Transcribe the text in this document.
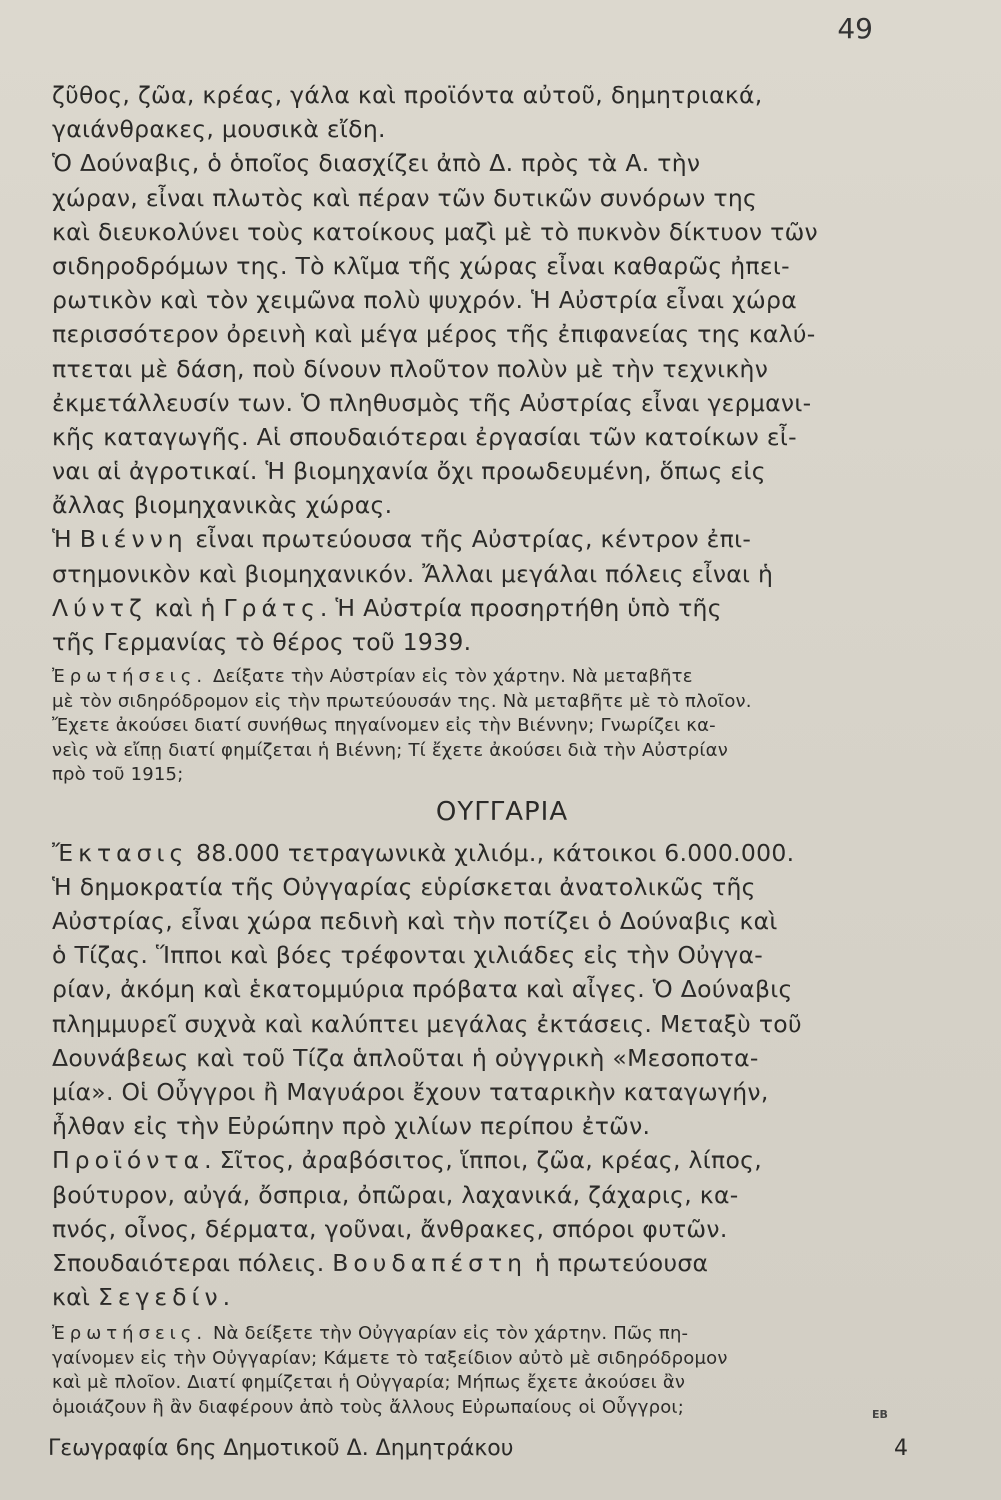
49
ζῦθος, ζῶα, κρέας, γάλα καὶ προϊόντα αὐτοῦ, δημητριακά,
γαιάνθρακες, μουσικὰ εἴδη.
Ὁ Δούναβις, ὁ ὁποῖος διασχίζει ἀπὸ Δ. πρὸς τὰ Α. τὴν
χώραν, εἶναι πλωτὸς καὶ πέραν τῶν δυτικῶν συνόρων της
καὶ διευκολύνει τοὺς κατοίκους μαζὶ μὲ τὸ πυκνὸν δίκτυον τῶν
σιδηροδρόμων της. Τὸ κλῖμα τῆς χώρας εἶναι καθαρῶς ἠπει-
ρωτικὸν καὶ τὸν χειμῶνα πολὺ ψυχρόν. Ἡ Αὐστρία εἶναι χώρα
περισσότερον ὀρεινὴ καὶ μέγα μέρος τῆς ἐπιφανείας της καλύ-
πτεται μὲ δάση, ποὺ δίνουν πλοῦτον πολὺν μὲ τὴν τεχνικὴν
ἐκμετάλλευσίν των. Ὁ πληθυσμὸς τῆς Αὐστρίας εἶναι γερμανι-
κῆς καταγωγῆς. Αἱ σπουδαιότεραι ἐργασίαι τῶν κατοίκων εἶ-
ναι αἱ ἀγροτικαί. Ἡ βιομηχανία ὄχι προωδευμένη, ὅπως εἰς
ἄλλας βιομηχανικὰς χώρας.
Ἡ Βιέννη εἶναι πρωτεύουσα τῆς Αὐστρίας, κέντρον ἐπι-
στημονικὸν καὶ βιομηχανικόν. Ἄλλαι μεγάλαι πόλεις εἶναι ἡ
Λύντζ καὶ ἡ Γράτς. Ἡ Αὐστρία προσηρτήθη ὑπὸ τῆς
τῆς Γερμανίας τὸ θέρος τοῦ 1939.
Ἐρωτήσεις. Δείξατε τὴν Αὐστρίαν εἰς τὸν χάρτην. Νὰ μεταβῆτε
μὲ τὸν σιδηρόδρομον εἰς τὴν πρωτεύουσάν της. Νὰ μεταβῆτε μὲ τὸ πλοῖον.
Ἔχετε ἀκούσει διατί συνήθως πηγαίνομεν εἰς τὴν Βιέννην; Γνωρίζει κα-
νεὶς νὰ εἴπῃ διατί φημίζεται ἡ Βιέννη; Τί ἔχετε ἀκούσει διὰ τὴν Αὐστρίαν
πρὸ τοῦ 1915;
ΟΥΓΓΑΡΙΑ
Ἔκτασις 88.000 τετραγωνικὰ χιλιόμ., κάτοικοι 6.000.000.
Ἡ δημοκρατία τῆς Οὐγγαρίας εὑρίσκεται ἀνατολικῶς τῆς
Αὐστρίας, εἶναι χώρα πεδινὴ καὶ τὴν ποτίζει ὁ Δούναβις καὶ
ὁ Τίζας. Ἵπποι καὶ βόες τρέφονται χιλιάδες εἰς τὴν Οὐγγα-
ρίαν, ἀκόμη καὶ ἑκατομμύρια πρόβατα καὶ αἶγες. Ὁ Δούναβις
πλημμυρεῖ συχνὰ καὶ καλύπτει μεγάλας ἐκτάσεις. Μεταξὺ τοῦ
Δουνάβεως καὶ τοῦ Τίζα ἁπλοῦται ἡ οὐγγρικὴ «Μεσοποτα-
μία». Οἱ Οὖγγροι ἢ Μαγυάροι ἔχουν ταταρικὴν καταγωγήν,
ἦλθαν εἰς τὴν Εὐρώπην πρὸ χιλίων περίπου ἐτῶν.
Προϊόντα. Σῖτος, ἀραβόσιτος, ἵπποι, ζῶα, κρέας, λίπος,
βούτυρον, αὐγά, ὄσπρια, ὀπῶραι, λαχανικά, ζάχαρις, κα-
πνός, οἶνος, δέρματα, γοῦναι, ἄνθρακες, σπόροι φυτῶν.
Σπουδαιότεραι πόλεις. Βουδαπέστη ἡ πρωτεύουσα
καὶ Σεγεδίν.
Ἐρωτήσεις. Νὰ δείξετε τὴν Οὐγγαρίαν εἰς τὸν χάρτην. Πῶς πη-
γαίνομεν εἰς τὴν Οὐγγαρίαν; Κάμετε τὸ ταξείδιον αὐτὸ μὲ σιδηρόδρομον
καὶ μὲ πλοῖον. Διατί φημίζεται ἡ Οὐγγαρία; Μήπως ἔχετε ἀκούσει ἂν
ὁμοιάζουν ἢ ἂν διαφέρουν ἀπὸ τοὺς ἄλλους Εὐρωπαίους οἱ Οὖγγροι;	ΕΒ
Γεωγραφία 6ης Δημοτικοῦ Δ. Δημητράκου	4
